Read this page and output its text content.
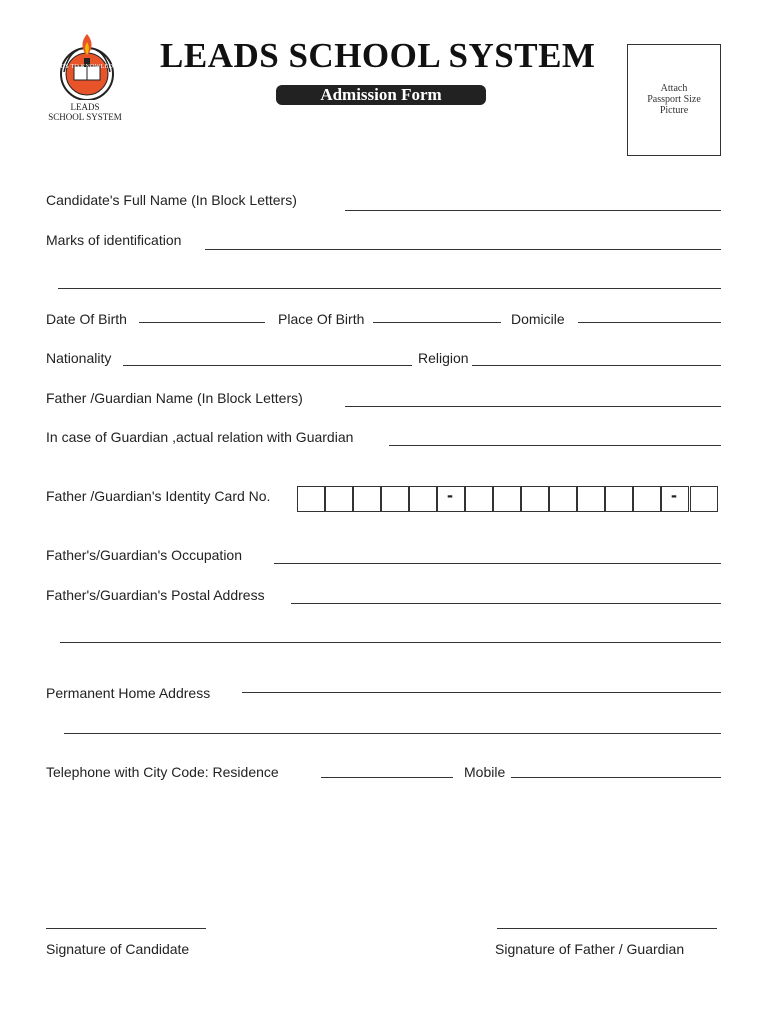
LEADS TO KNOWLEDGE
LEADS
SCHOOL SYSTEM
LEADS SCHOOL SYSTEM
Admission Form	Attach
Passport Size
Picture
Candidate's Full Name (In Block Letters)
Marks of identification
Date Of Birth	Place Of Birth	Domicile
Nationality	Religion
Father /Guardian Name (In Block Letters)
In case of Guardian ,actual relation with Guardian
Father /Guardian's Identity Card No.	-	-
Father's/Guardian's Occupation
Father's/Guardian's Postal Address
Permanent Home Address
Telephone with City Code: Residence	Mobile
Signature of Candidate	Signature of Father / Guardian
